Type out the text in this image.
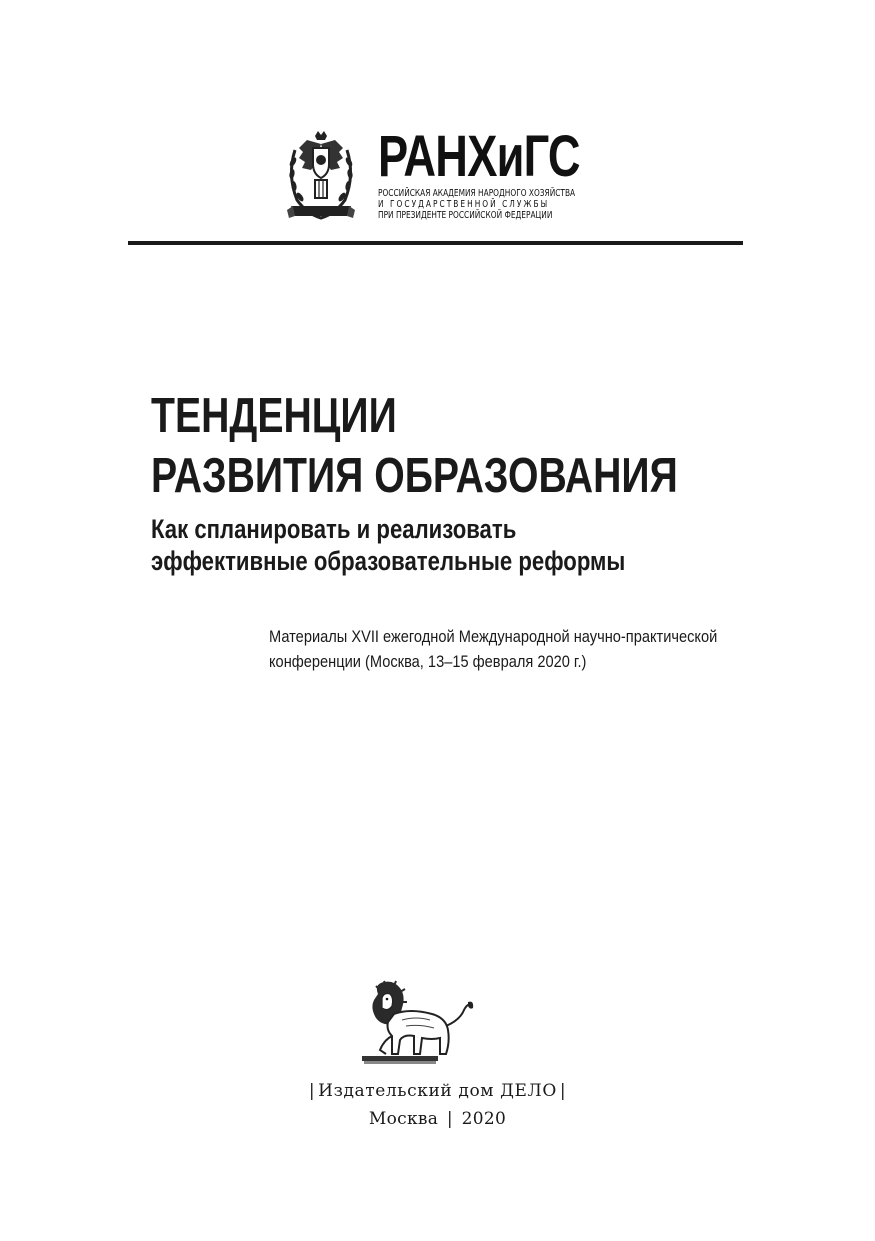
РАНХиГС
РОССИЙСКАЯ АКАДЕМИЯ НАРОДНОГО ХОЗЯЙСТВА
И ГОСУДАРСТВЕННОЙ СЛУЖБЫ
ПРИ ПРЕЗИДЕНТЕ РОССИЙСКОЙ ФЕДЕРАЦИИ
ТЕНДЕНЦИИ
РАЗВИТИЯ ОБРАЗОВАНИЯ
Как спланировать и реализовать
эффективные образовательные реформы
Материалы XVII ежегодной Международной научно-практической
конференции (Москва, 13–15 февраля 2020 г.)
| Издательский дом ДЕЛО |
Москва | 2020
